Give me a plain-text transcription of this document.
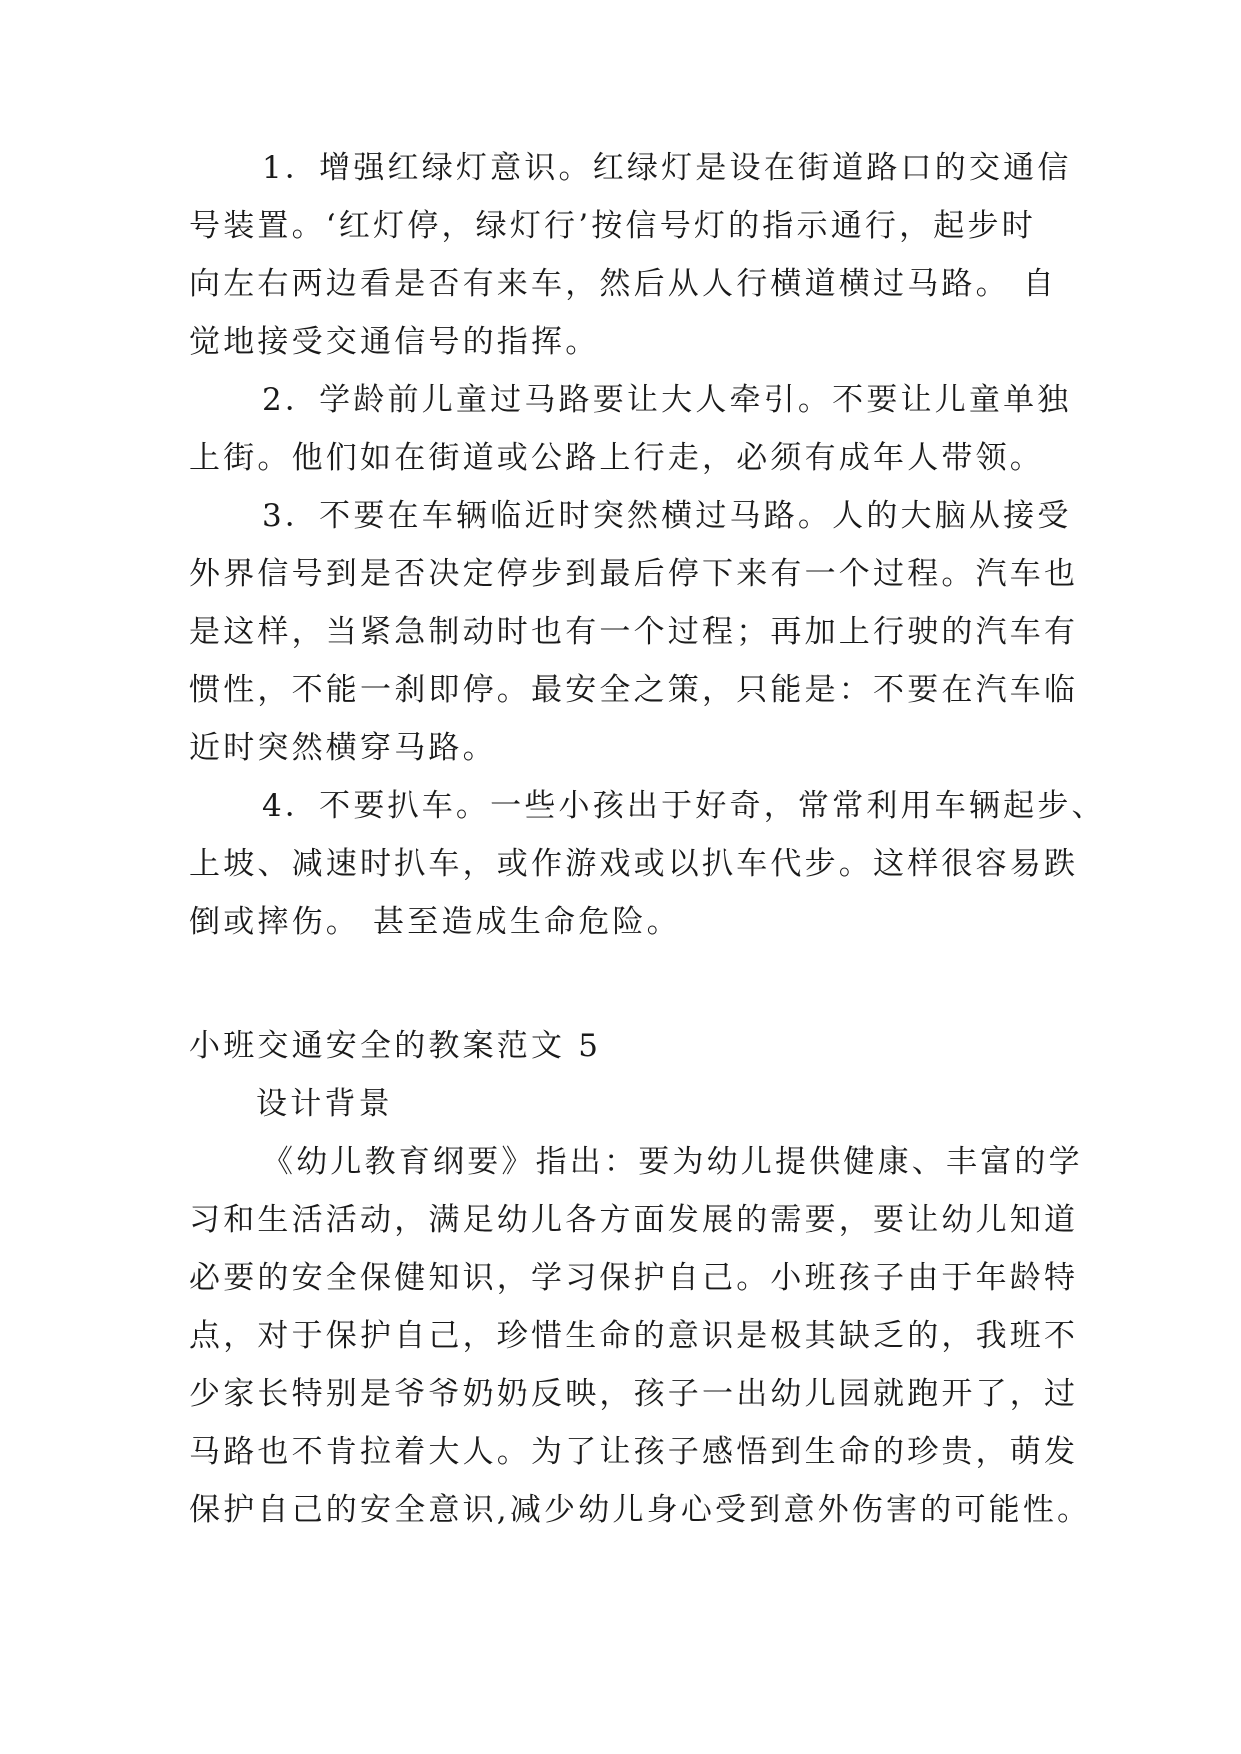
1．增强红绿灯意识。红绿灯是设在街道路口的交通信

号装置。‘红灯停，绿灯行’按信号灯的指示通行，起步时

向左右两边看是否有来车，然后从人行横道横过马路。 自

觉地接受交通信号的指挥。

2．学龄前儿童过马路要让大人牵引。不要让儿童单独

上街。他们如在街道或公路上行走，必须有成年人带领。

3．不要在车辆临近时突然横过马路。人的大脑从接受

外界信号到是否决定停步到最后停下来有一个过程。汽车也

是这样，当紧急制动时也有一个过程；再加上行驶的汽车有

惯性，不能一刹即停。最安全之策，只能是：不要在汽车临

近时突然横穿马路。

4．不要扒车。一些小孩出于好奇，常常利用车辆起步、

上坡、减速时扒车，或作游戏或以扒车代步。这样很容易跌

倒或摔伤。 甚至造成生命危险。

小班交通安全的教案范文 5

设计背景

《幼儿教育纲要》指出：要为幼儿提供健康、丰富的学

习和生活活动，满足幼儿各方面发展的需要，要让幼儿知道

必要的安全保健知识，学习保护自己。小班孩子由于年龄特

点，对于保护自己，珍惜生命的意识是极其缺乏的，我班不

少家长特别是爷爷奶奶反映，孩子一出幼儿园就跑开了，过

马路也不肯拉着大人。为了让孩子感悟到生命的珍贵，萌发

保护自己的安全意识,减少幼儿身心受到意外伤害的可能性。
